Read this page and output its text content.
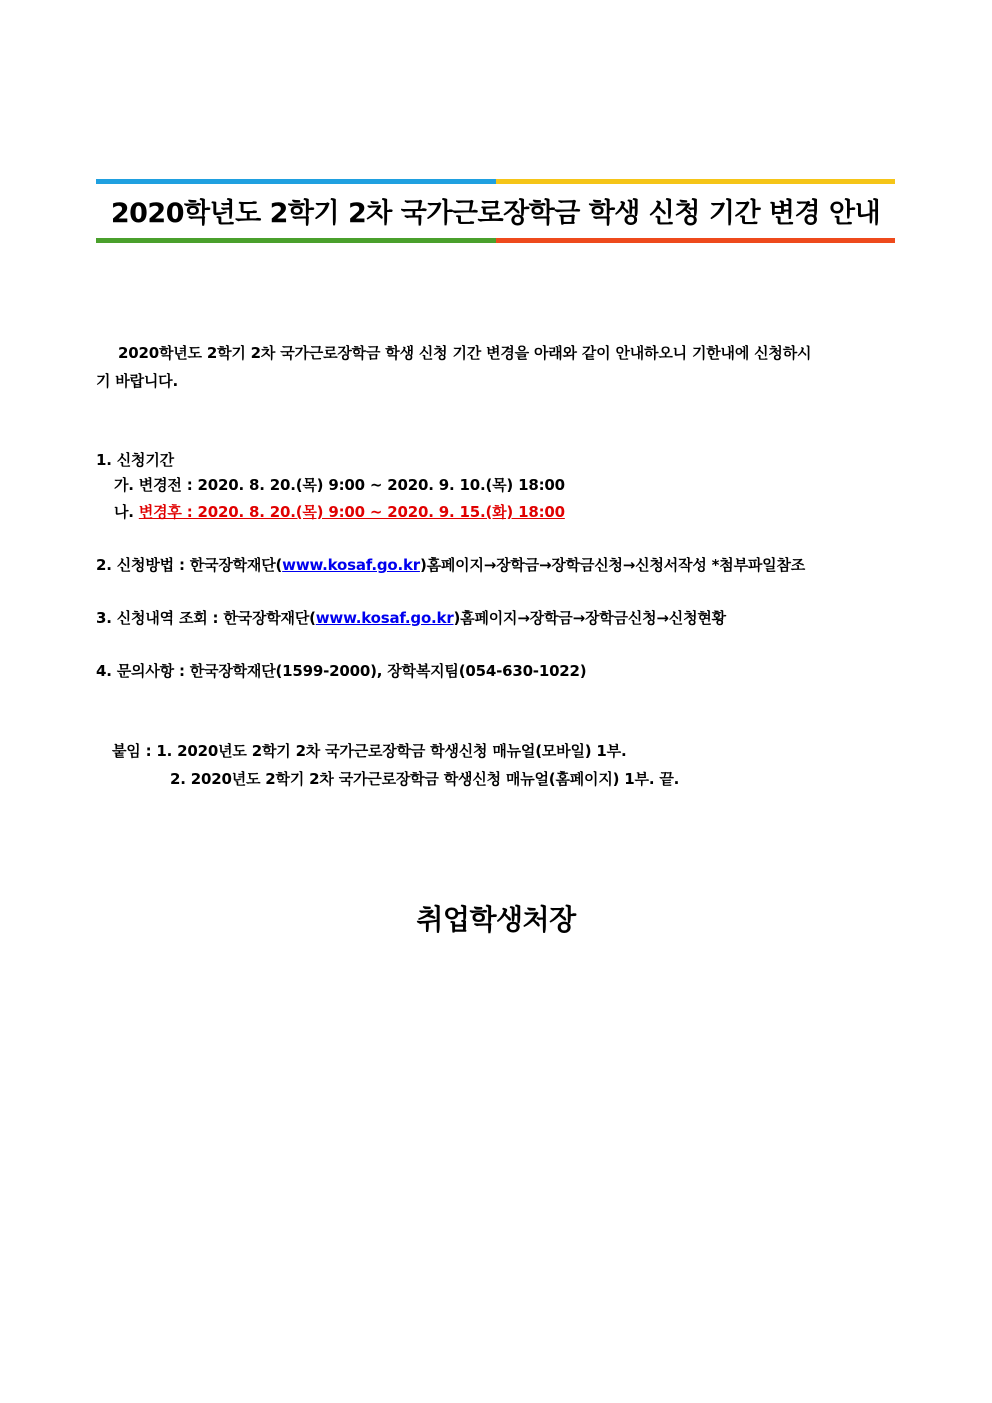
2020학년도 2학기 2차 국가근로장학금 학생 신청 기간 변경 안내
2020학년도 2학기 2차 국가근로장학금 학생 신청 기간 변경을 아래와 같이 안내하오니 기한내에 신청하시
기 바랍니다.
1. 신청기간
가. 변경전 : 2020. 8. 20.(목) 9:00 ~ 2020. 9. 10.(목) 18:00
나. 변경후 : 2020. 8. 20.(목) 9:00 ~ 2020. 9. 15.(화) 18:00
2. 신청방법 : 한국장학재단(www.kosaf.go.kr)홈페이지→장학금→장학금신청→신청서작성 *첨부파일참조
3. 신청내역 조회 : 한국장학재단(www.kosaf.go.kr)홈페이지→장학금→장학금신청→신청현황
4. 문의사항 : 한국장학재단(1599-2000), 장학복지팀(054-630-1022)
붙임 : 1. 2020년도 2학기 2차 국가근로장학금 학생신청 매뉴얼(모바일) 1부.
2. 2020년도 2학기 2차 국가근로장학금 학생신청 매뉴얼(홈페이지) 1부. 끝.
취업학생처장
